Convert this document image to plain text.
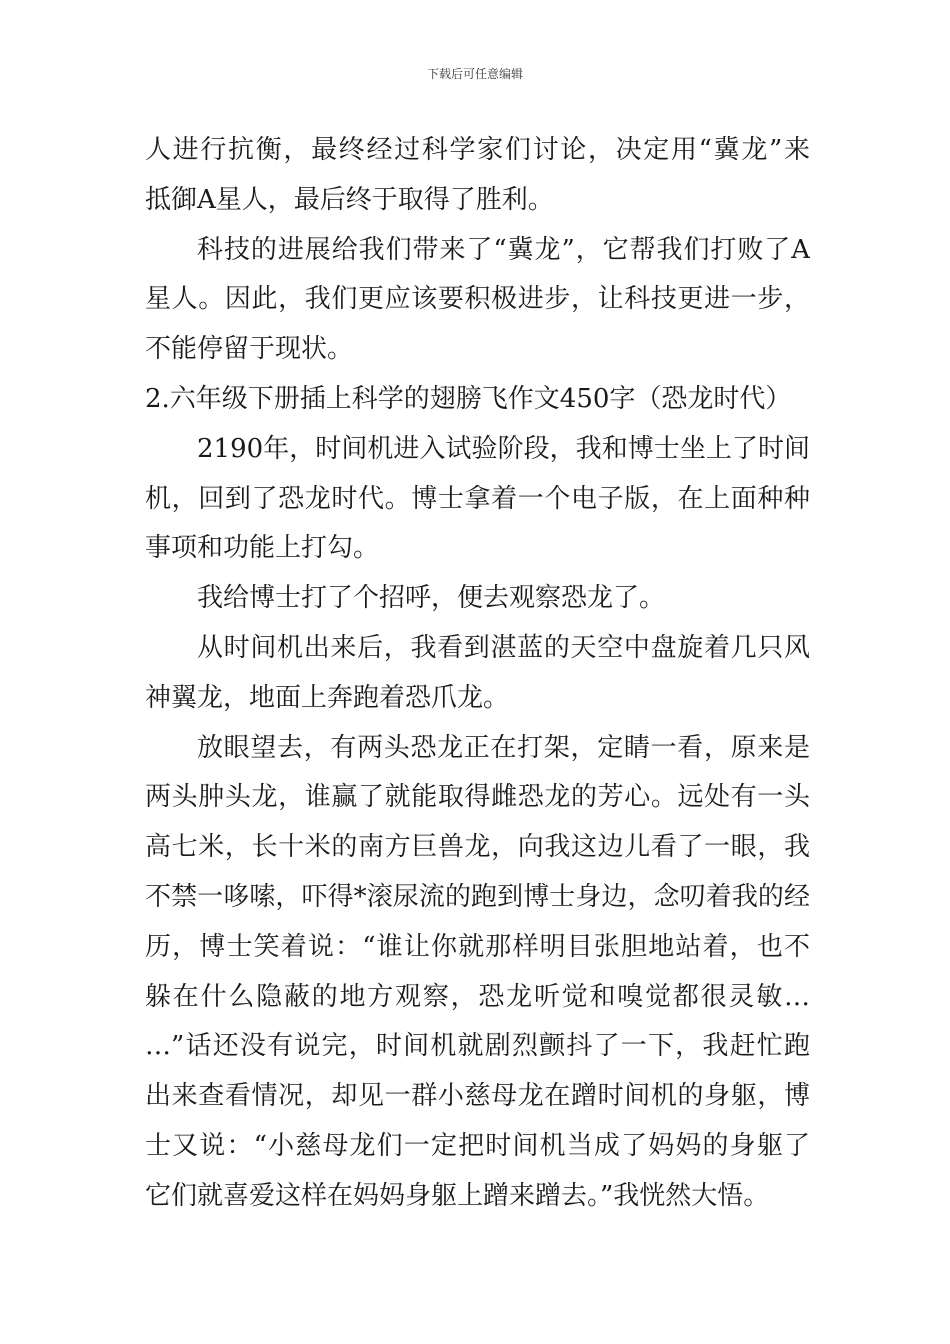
下载后可任意编辑
人进行抗衡，最终经过科学家们讨论，决定用“冀龙”来
抵御A星人，最后终于取得了胜利。
科技的进展给我们带来了“冀龙”，它帮我们打败了A
星人。因此，我们更应该要积极进步，让科技更进一步，
不能停留于现状。
2.六年级下册插上科学的翅膀飞作文450字（恐龙时代）
2190年，时间机进入试验阶段，我和博士坐上了时间
机，回到了恐龙时代。博士拿着一个电子版，在上面种种
事项和功能上打勾。
我给博士打了个招呼，便去观察恐龙了。
从时间机出来后，我看到湛蓝的天空中盘旋着几只风
神翼龙，地面上奔跑着恐爪龙。
放眼望去，有两头恐龙正在打架，定睛一看，原来是
两头肿头龙，谁赢了就能取得雌恐龙的芳心。远处有一头
高七米，长十米的南方巨兽龙，向我这边儿看了一眼，我
不禁一哆嗦，吓得*滚尿流的跑到博士身边，念叨着我的经
历，博士笑着说：“谁让你就那样明目张胆地站着，也不
躲在什么隐蔽的地方观察，恐龙听觉和嗅觉都很灵敏…
…”话还没有说完，时间机就剧烈颤抖了一下，我赶忙跑
出来查看情况，却见一群小慈母龙在蹭时间机的身躯，博
士又说：“小慈母龙们一定把时间机当成了妈妈的身躯了
它们就喜爱这样在妈妈身躯上蹭来蹭去。”我恍然大悟。
